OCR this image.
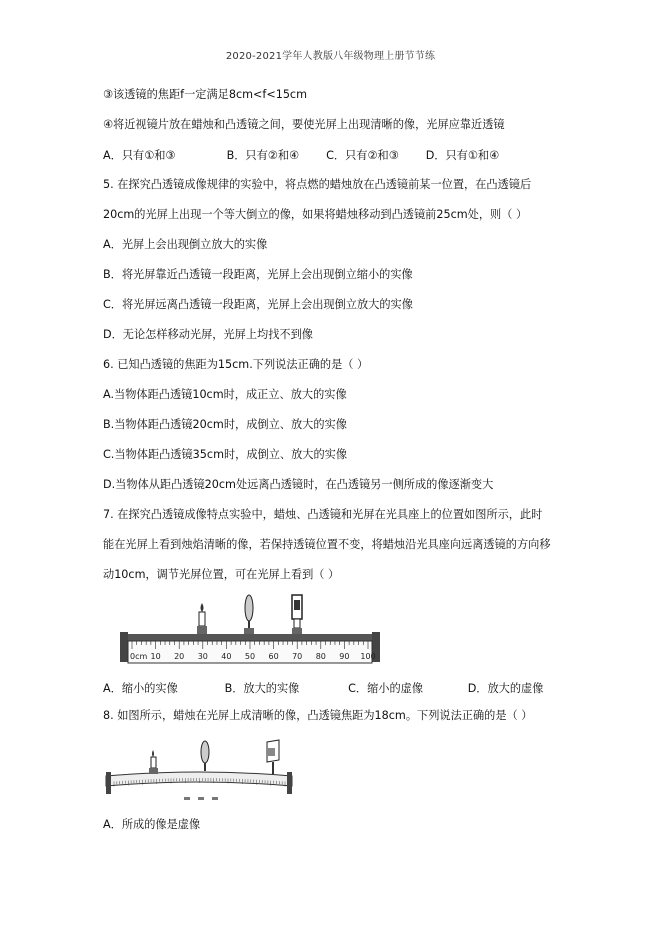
2020-2021学年人教版八年级物理上册节节练
③该透镜的焦距f一定满足8cm<f<15cm
④将近视镜片放在蜡烛和凸透镜之间，要使光屏上出现清晰的像，光屏应靠近透镜
A．只有①和③	B．只有②和④ C．只有②和③ D．只有①和④
5. 在探究凸透镜成像规律的实验中，将点燃的蜡烛放在凸透镜前某一位置，在凸透镜后
20cm的光屏上出现一个等大倒立的像，如果将蜡烛移动到凸透镜前25cm处，则（ ）
A．光屏上会出现倒立放大的实像
B．将光屏靠近凸透镜一段距离，光屏上会出现倒立缩小的实像
C．将光屏远离凸透镜一段距离，光屏上会出现倒立放大的实像
D．无论怎样移动光屏，光屏上均找不到像
6. 已知凸透镜的焦距为15cm.下列说法正确的是（ ）
A.当物体距凸透镜10cm时，成正立、放大的实像
B.当物体距凸透镜20cm时，成倒立、放大的实像
C.当物体距凸透镜35cm时，成倒立、放大的实像
D.当物体从距凸透镜20cm处远离凸透镜时，在凸透镜另一侧所成的像逐渐变大
7. 在探究凸透镜成像特点实验中，蜡烛、凸透镜和光屏在光具座上的位置如图所示，此时
能在光屏上看到烛焰清晰的像，若保持透镜位置不变，将蜡烛沿光具座向远离透镜的方向移
动10cm，调节光屏位置，可在光屏上看到（ ）
0cm 10 20 30 40 50 60 70 80 90 100
A．缩小的实像	B．放大的实像	C．缩小的虚像	D．放大的虚像
8. 如图所示，蜡烛在光屏上成清晰的像，凸透镜焦距为18cm。下列说法正确的是（ ）
A．所成的像是虚像
